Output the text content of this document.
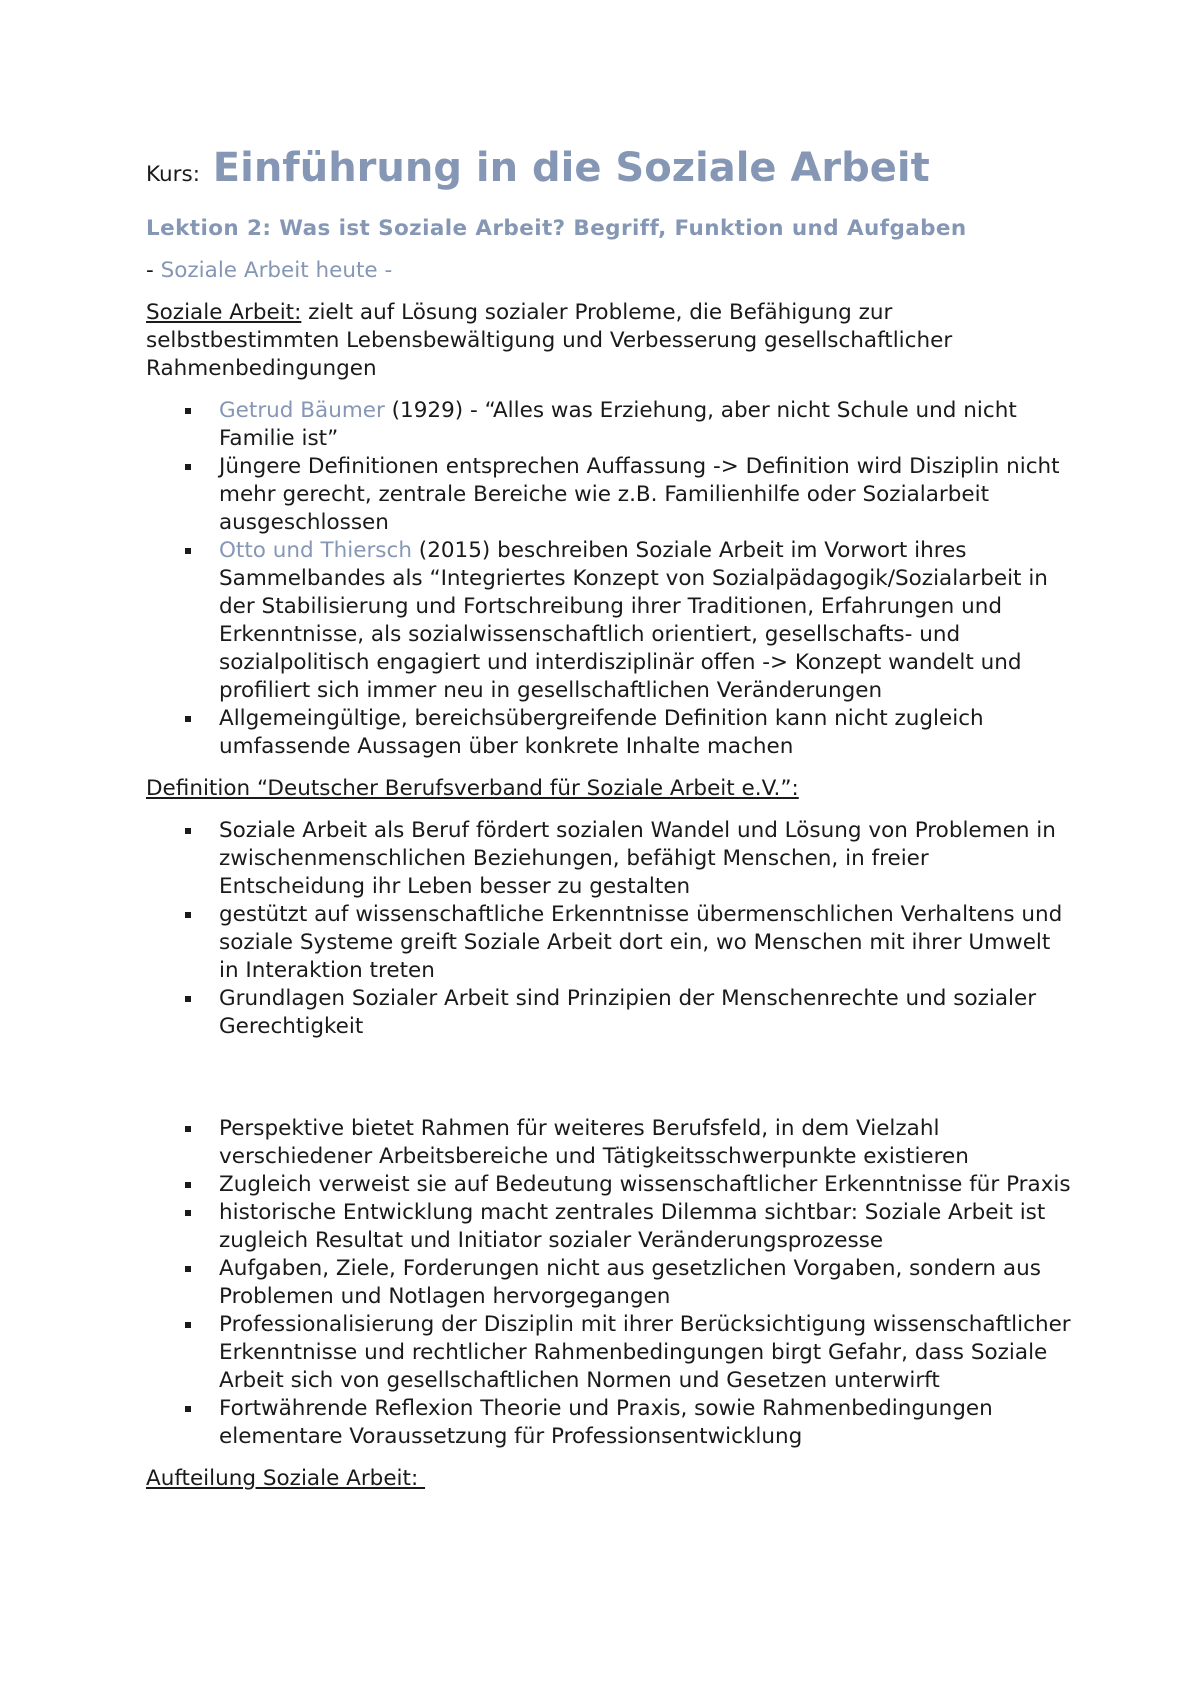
Kurs: Einführung in die Soziale Arbeit
Lektion 2: Was ist Soziale Arbeit? Begriff, Funktion und Aufgaben
- Soziale Arbeit heute -

Soziale Arbeit: zielt auf Lösung sozialer Probleme, die Befähigung zur selbstbestimmten Lebensbewältigung und Verbesserung gesellschaftlicher Rahmenbedingungen

Getrud Bäumer (1929) - “Alles was Erziehung, aber nicht Schule und nicht Familie ist”
Jüngere Definitionen entsprechen Auffassung -> Definition wird Disziplin nicht mehr gerecht, zentrale Bereiche wie z.B. Familienhilfe oder Sozialarbeit ausgeschlossen
Otto und Thiersch (2015) beschreiben Soziale Arbeit im Vorwort ihres Sammelbandes als “Integriertes Konzept von Sozialpädagogik/Sozialarbeit in der Stabilisierung und Fortschreibung ihrer Traditionen, Erfahrungen und Erkenntnisse, als sozialwissenschaftlich orientiert, gesellschafts- und sozialpolitisch engagiert und interdisziplinär offen -> Konzept wandelt und profiliert sich immer neu in gesellschaftlichen Veränderungen
Allgemeingültige, bereichsübergreifende Definition kann nicht zugleich umfassende Aussagen über konkrete Inhalte machen

Definition “Deutscher Berufsverband für Soziale Arbeit e.V.”:

Soziale Arbeit als Beruf fördert sozialen Wandel und Lösung von Problemen in zwischenmenschlichen Beziehungen, befähigt Menschen, in freier Entscheidung ihr Leben besser zu gestalten
gestützt auf wissenschaftliche Erkenntnisse übermenschlichen Verhaltens und soziale Systeme greift Soziale Arbeit dort ein, wo Menschen mit ihrer Umwelt in Interaktion treten
Grundlagen Sozialer Arbeit sind Prinzipien der Menschenrechte und sozialer Gerechtigkeit
Perspektive bietet Rahmen für weiteres Berufsfeld, in dem Vielzahl verschiedener Arbeitsbereiche und Tätigkeitsschwerpunkte existieren
Zugleich verweist sie auf Bedeutung wissenschaftlicher Erkenntnisse für Praxis
historische Entwicklung macht zentrales Dilemma sichtbar: Soziale Arbeit ist zugleich Resultat und Initiator sozialer Veränderungsprozesse
Aufgaben, Ziele, Forderungen nicht aus gesetzlichen Vorgaben, sondern aus Problemen und Notlagen hervorgegangen
Professionalisierung der Disziplin mit ihrer Berücksichtigung wissenschaftlicher Erkenntnisse und rechtlicher Rahmenbedingungen birgt Gefahr, dass Soziale Arbeit sich von gesellschaftlichen Normen und Gesetzen unterwirft
Fortwährende Reflexion Theorie und Praxis, sowie Rahmenbedingungen elementare Voraussetzung für Professionsentwicklung

Aufteilung Soziale Arbeit:
